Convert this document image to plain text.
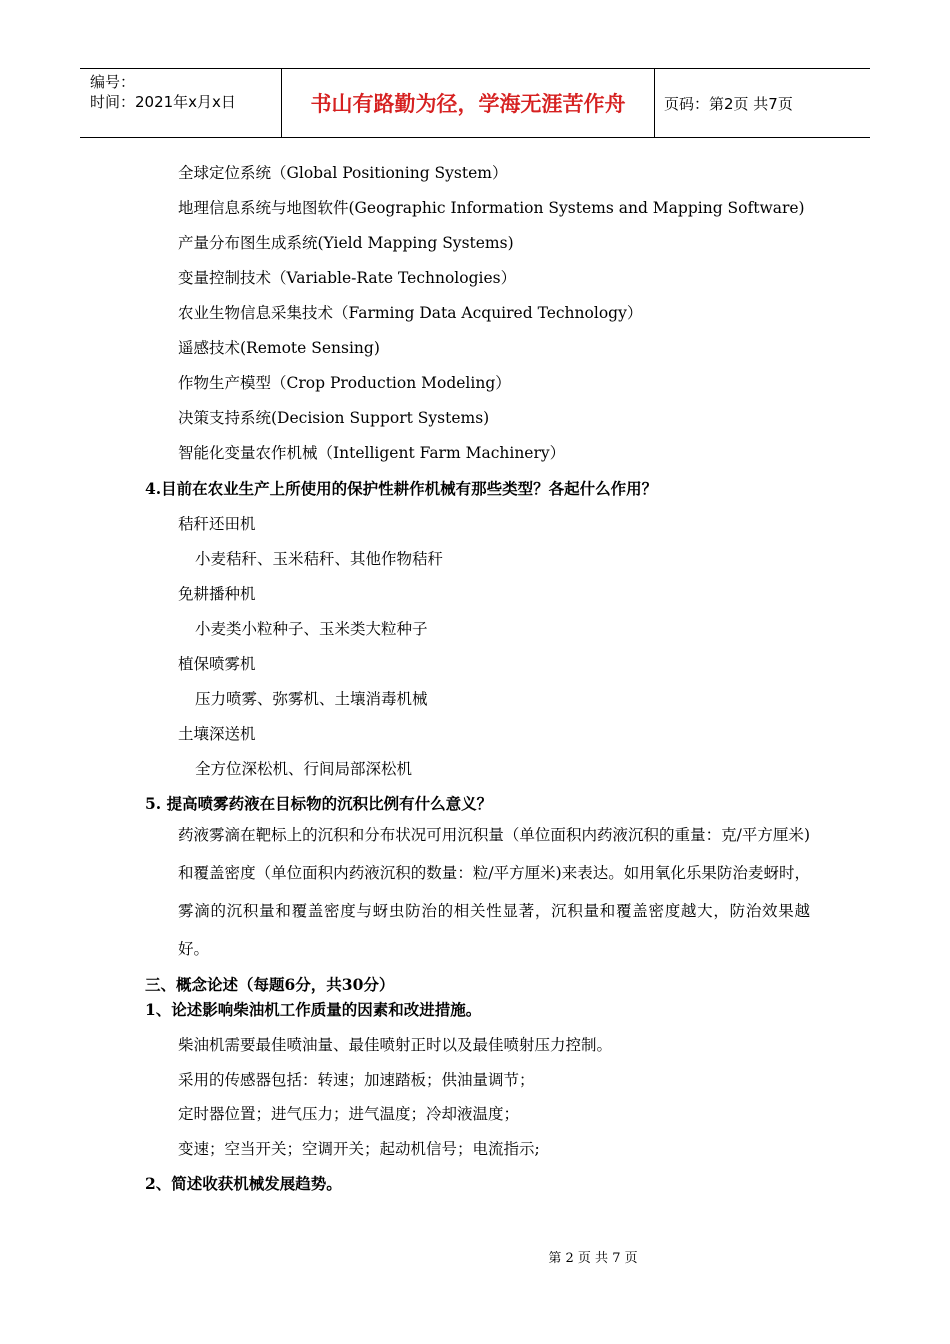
编号：
时间：2021年x月x日	书山有路勤为径，学海无涯苦作舟	页码：第2页 共7页
全球定位系统（Global Positioning System）
地理信息系统与地图软件(Geographic Information Systems and Mapping Software)
产量分布图生成系统(Yield Mapping Systems)
变量控制技术（Variable-Rate Technologies）
农业生物信息采集技术（Farming Data Acquired Technology）
遥感技术(Remote Sensing)
作物生产模型（Crop Production Modeling）
决策支持系统(Decision Support Systems)
智能化变量农作机械（Intelligent Farm Machinery）
4.目前在农业生产上所使用的保护性耕作机械有那些类型？各起什么作用？
秸秆还田机
小麦秸秆、玉米秸秆、其他作物秸秆
免耕播种机
小麦类小粒种子、玉米类大粒种子
植保喷雾机
压力喷雾、弥雾机、土壤消毒机械
土壤深送机
全方位深松机、行间局部深松机
5. 提高喷雾药液在目标物的沉积比例有什么意义？

药液雾滴在靶标上的沉积和分布状况可用沉积量（单位面积内药液沉积的重量：克/平方厘米)和覆盖密度（单位面积内药液沉积的数量：粒/平方厘米)来表达。如用氧化乐果防治麦蚜时，雾滴的沉积量和覆盖密度与蚜虫防治的相关性显著，沉积量和覆盖密度越大，防治效果越好。

三、概念论述（每题6分，共30分）
1、论述影响柴油机工作质量的因素和改进措施。
柴油机需要最佳喷油量、最佳喷射正时以及最佳喷射压力控制。
采用的传感器包括：转速；加速踏板；供油量调节；
定时器位置；进气压力；进气温度；冷却液温度；
变速；空当开关；空调开关；起动机信号；电流指示;
2、简述收获机械发展趋势。
第 2 页 共 7 页
